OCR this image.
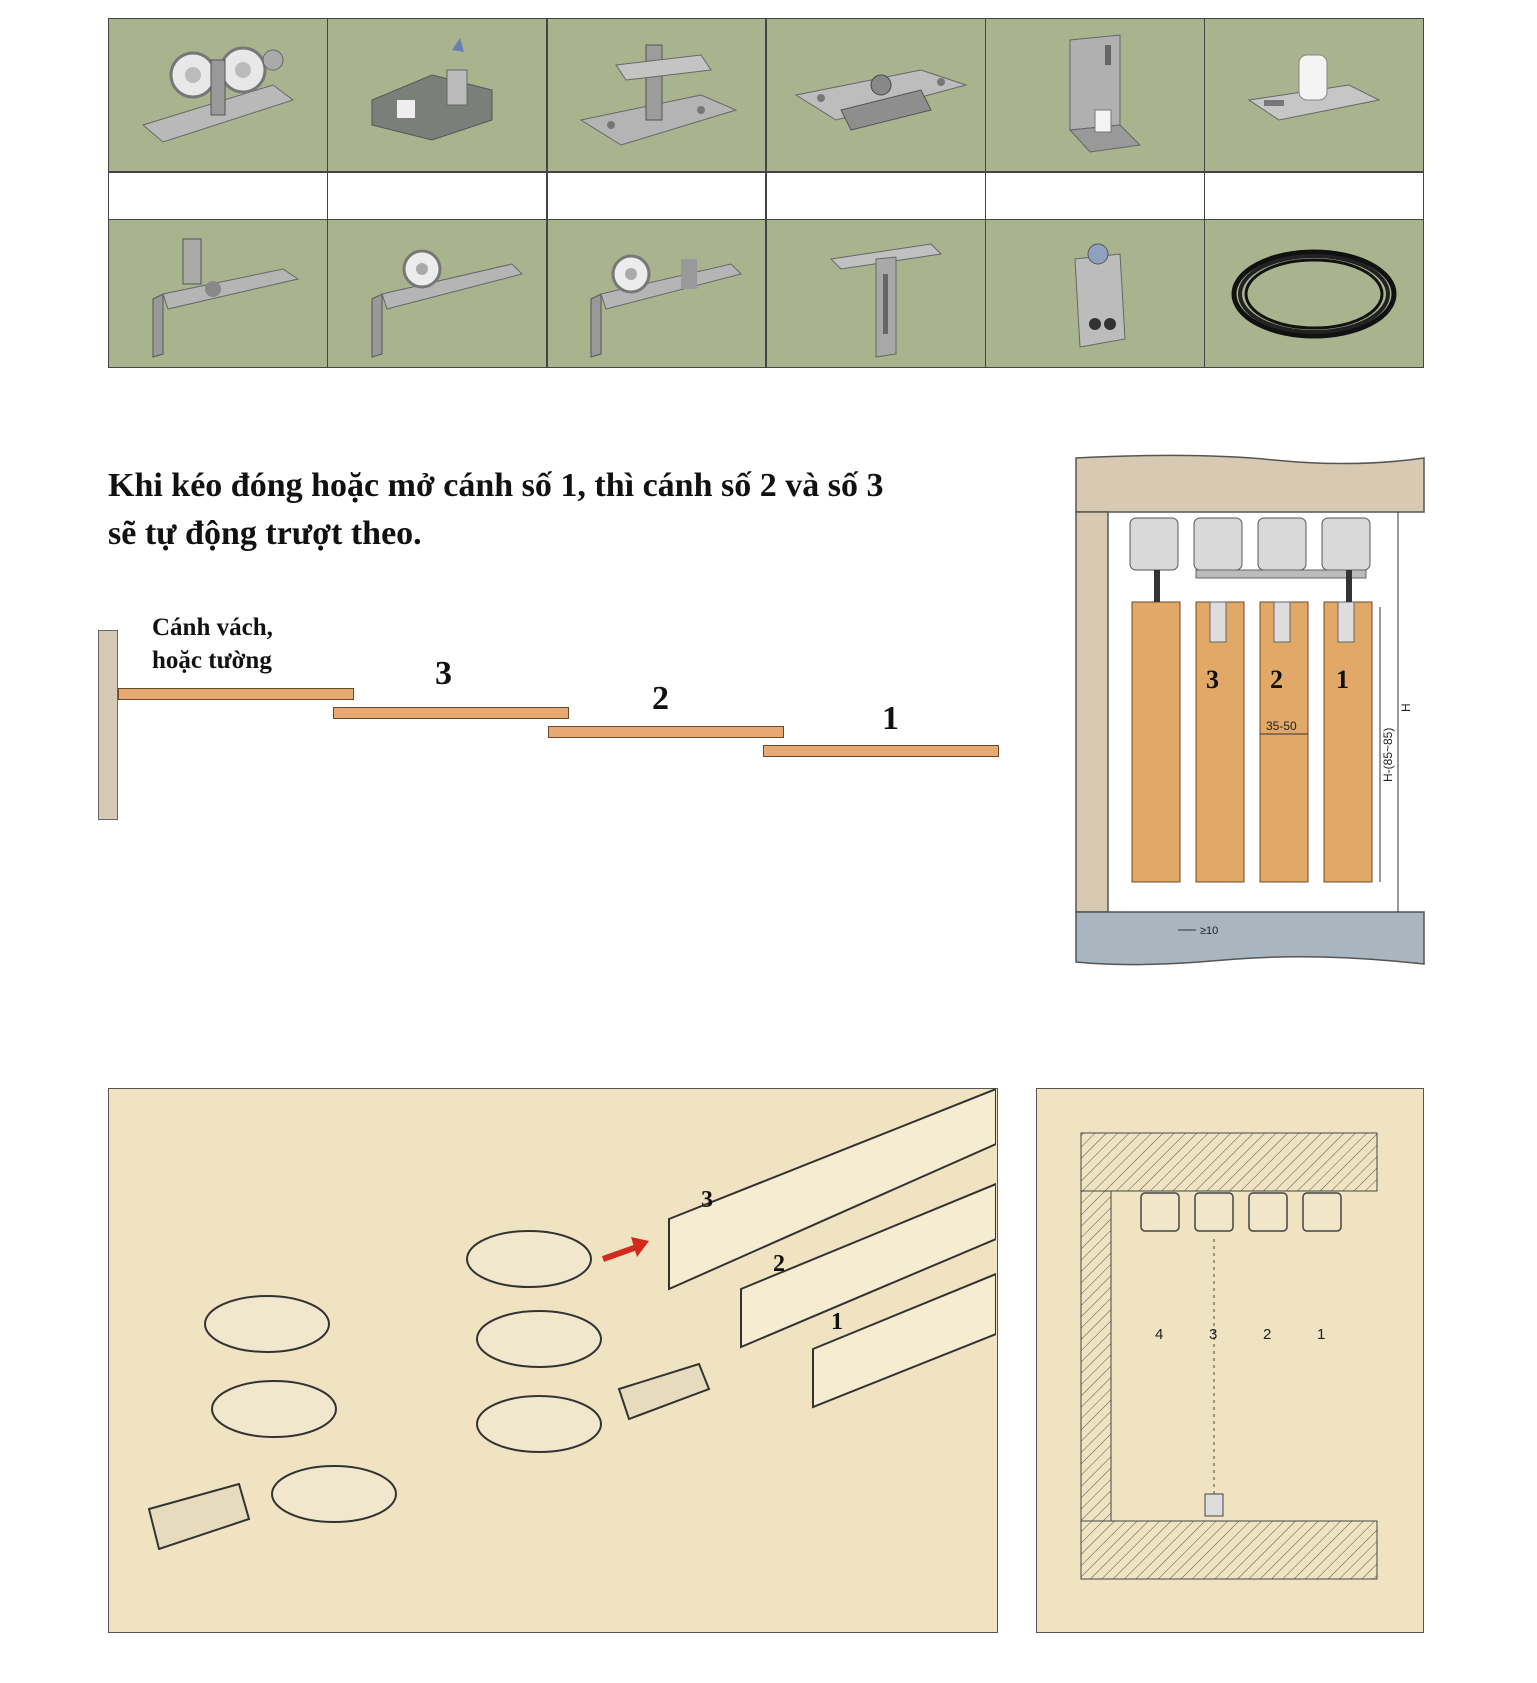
Khi kéo đóng hoặc mở cánh số 1, thì cánh số 2 và số 3
sẽ tự động trượt theo.

Cánh vách,
hoặc tường	3
2
1
3 2 1
35-50
H-(85~85)
H
≥10
3
2
1	4	3	2	1
